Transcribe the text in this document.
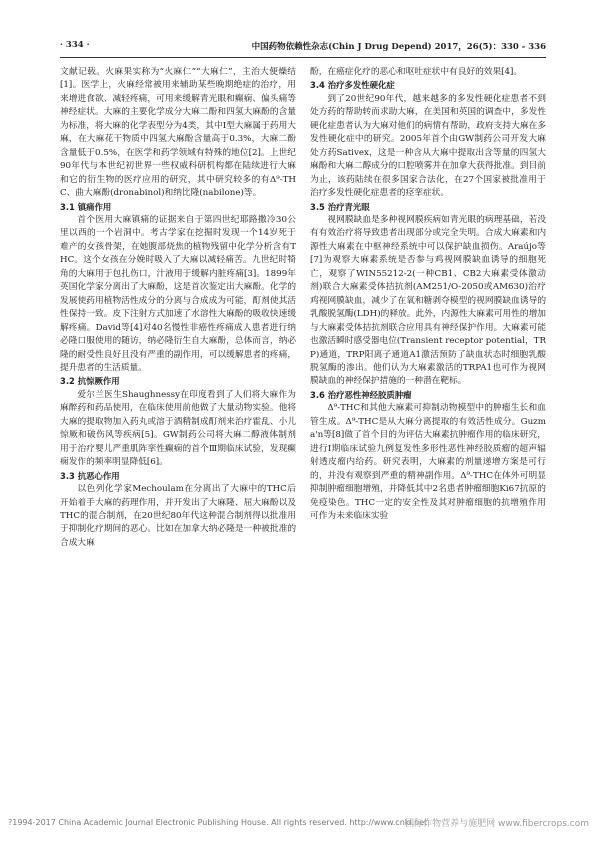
· 334 ·	中国药物依赖性杂志(Chin J Drug Depend) 2017，26(5)：330 - 336

文献记载。火麻果实称为“火麻仁”“大麻仁”，主治大便燥结[1]。医学上，火麻经常被用来辅助某些晚期绝症的治疗，用来增进食欲、减轻疼痛，可用来缓解青光眼和癫痫、偏头痛等神经症状。大麻的主要化学成分大麻二酚和四氢大麻酚的含量为标准，将大麻的化学表型分为4类，其中Ⅰ型大麻属于药用大麻，在大麻花干物质中四氢大麻酚含量高于0.3%，大麻二酚含量低于0.5%，在医学和药学领域有特殊的地位[2]。上世纪90年代与本世纪初世界一些权威科研机构都在陆续进行大麻和它的衍生物的医疗应用的研究，其中研究较多的有Δ⁹-THC、曲大麻酚(dronabinol)和纳比隆(nabilone)等。

3.1 镇痛作用

首个医用大麻镇痛的证据来自于第四世纪耶路撒冷30公里以西的一个岩洞中。考古学家在挖掘时发现一个14岁死于难产的女孩骨架，在她腹部烧焦的植物残留中化学分析含有THC。这个女孩在分娩时吸入了大麻以减轻痛苦。九世纪时犄角的大麻用于包扎伤口，汁液用于缓解内脏疼痛[3]。1899年英国化学家分离出了大麻酚，这是首次鉴定出大麻酚。化学的发展使药用植物活性成分的分离与合成成为可能，酊剂使其活性保持一致。皮下注射方式加速了水溶性大麻酚的吸收快速缓解疼痛。David等[4]对40名慢性非癌性疼痛成人患者进行纳必隆口服使用的随访，纳必隆衍生自大麻酚，总体而言，纳必隆的耐受性良好且没有严重的副作用，可以缓解患者的疼痛，提升患者的生活质量。

3.2 抗惊厥作用

爱尔兰医生Shaughnessy在印度看到了人们将大麻作为麻醉药和药品使用，在临床使用前他做了大量动物实验。他将大麻的提取物加入药丸或溶于酒精制成酊剂来治疗霍乱、小儿惊厥和破伤风等疾病[5]。GW制药公司将大麻二醇液体制剂用于治疗婴儿严重肌阵挛性癫痫的首个Ⅲ期临床试验，发现癫痫发作的频率明显降低[6]。

3.3 抗恶心作用

以色列化学家Mechoulam在分离出了大麻中的THC后开始着手大麻的药理作用，并开发出了大麻隆、屈大麻酚以及THC的混合制剂，在20世纪80年代这种混合制剂得以批准用于抑制化疗期间的恶心。比如在加拿大纳必隆是一种被批准的合成大麻

酚，在癌症化疗的恶心和呕吐症状中有良好的效果[4]。

3.4 治疗多发性硬化症

到了20世纪90年代，越来越多的多发性硬化症患者不到处方药的帮助转而求助大麻，在美国和英国的调查中，多发性硬化症患者认为大麻对他们的病情有帮助，政府支持大麻在多发性硬化症中的研究。2005年首个由GW制药公司开发大麻处方药Sativex，这是一种含从大麻中提取出含等量的四氢大麻酚和大麻二醇成分的口腔喷雾并在加拿大获得批准。到目前为止，该药陆续在很多国家合法化，在27个国家被批准用于治疗多发性硬化症患者的痉挛症状。

3.5 治疗青光眼

视网膜缺血是多种视网膜疾病如青光眼的病理基础，若没有有效治疗将导致患者出现部分或完全失明。合成大麻素和内源性大麻素在中枢神经系统中可以保护缺血损伤。Araújo等[7]为观察大麻素系统是否参与鸡视网膜缺血诱导的细胞死亡，观察了WIN55212-2(一种CB1、CB2大麻素受体激动剂)联合大麻素受体拮抗剂(AM251/O-2050或AM630)治疗鸡视网膜缺血，减少了在氧和糖剥夺模型的视网膜缺血诱导的乳酸脱氢酶(LDH)的释放。此外，内源性大麻素可用性的增加与大麻素受体拮抗剂联合应用具有神经保护作用。大麻素可能也激活瞬时感受器电位(Transient receptor potential，TRP)通道，TRP阳离子通道A1激活预防了缺血状态时细胞乳酸脱氢酶的渗出。他们认为大麻素激活的TRPA1也可作为视网膜缺血的神经保护措施的一种潜在靶标。

3.6 治疗恶性神经胶质肿瘤

Δ⁹-THC和其他大麻素可抑制动物模型中的肿瘤生长和血管生成。Δ⁹-THC是从大麻分离提取的有效活性成分。Guzma'n等[8]做了首个目的为评估大麻素抗肿瘤作用的临床研究，进行Ⅰ期临床试验九例复发性多形性恶性神经胶质瘤的超声辐射透皮瘤内给药。研究表明，大麻素的剂量递增方案是可行的，并没有观察到严重的精神副作用。Δ⁹-THC在体外可明显抑制肿瘤细胞增殖，并降低其中2名患者肿瘤细胞Ki67抗原的免疫染色。THC一定的安全性及其对肿瘤细胞的抗增殖作用可作为未来临床实验

?1994-2017 China Academic Journal Electronic Publishing House. All rights reserved. http://www.cnki.net
国际作物营养与施肥网 www.fibercrops.com
